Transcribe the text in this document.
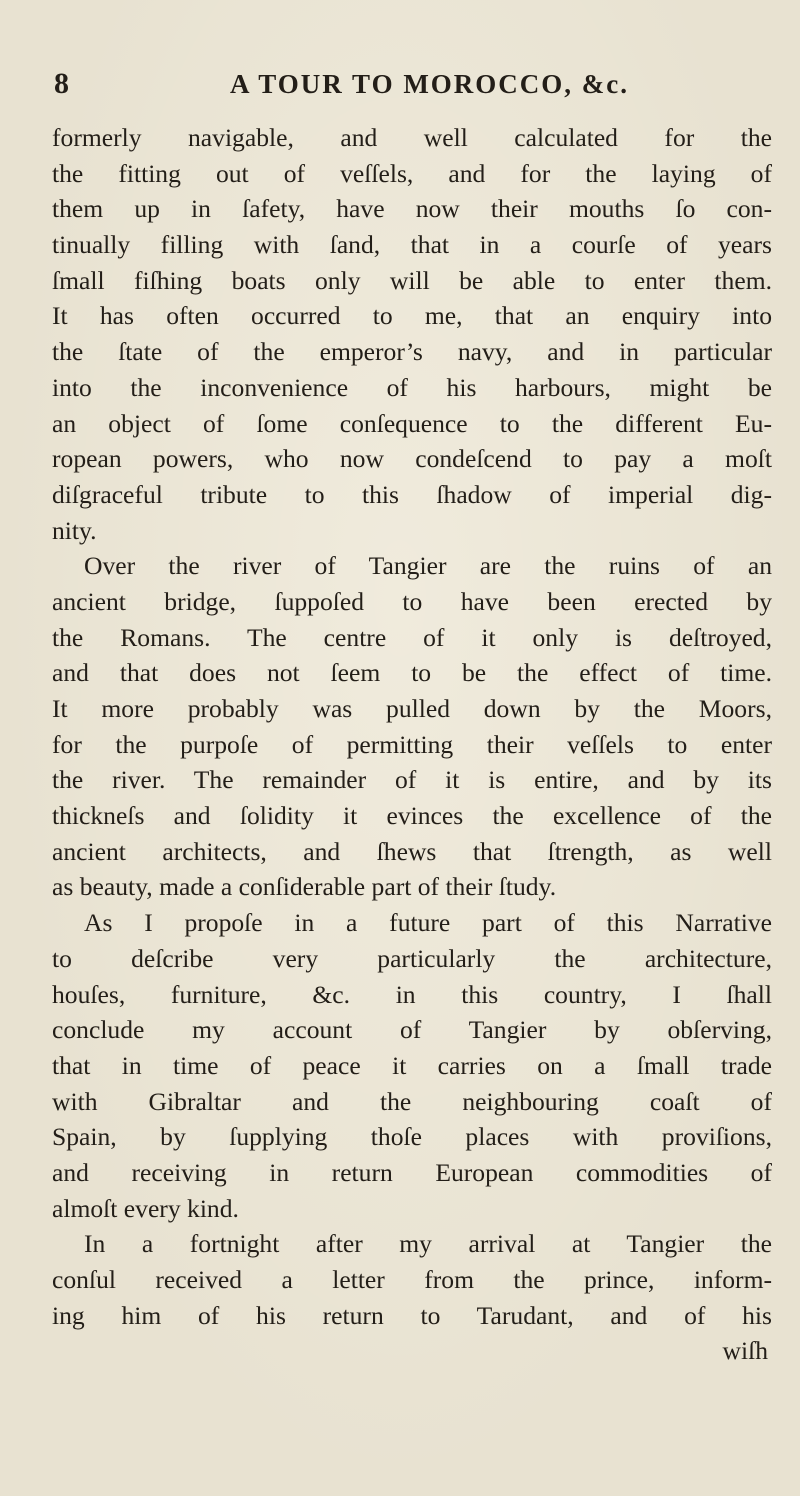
8	A TOUR TO MOROCCO, &c.
formerly navigable, and well calculated for the
the fitting out of veſſels, and for the laying of
them up in ſafety, have now their mouths ſo con-
tinually filling with ſand, that in a courſe of years
ſmall fiſhing boats only will be able to enter them.
It has often occurred to me, that an enquiry into
the ſtate of the emperor’s navy, and in particular
into the inconvenience of his harbours, might be
an object of ſome conſequence to the different Eu-
ropean powers, who now condeſcend to pay a moſt
diſgraceful tribute to this ſhadow of imperial dig-
nity.
Over the river of Tangier are the ruins of an
ancient bridge, ſuppoſed to have been erected by
the Romans. The centre of it only is deſtroyed,
and that does not ſeem to be the effect of time.
It more probably was pulled down by the Moors,
for the purpoſe of permitting their veſſels to enter
the river. The remainder of it is entire, and by its
thickneſs and ſolidity it evinces the excellence of the
ancient architects, and ſhews that ſtrength, as well
as beauty, made a conſiderable part of their ſtudy.
As I propoſe in a future part of this Narrative
to deſcribe very particularly the architecture,
houſes, furniture, &c. in this country, I ſhall
conclude my account of Tangier by obſerving,
that in time of peace it carries on a ſmall trade
with Gibraltar and the neighbouring coaſt of
Spain, by ſupplying thoſe places with proviſions,
and receiving in return European commodities of
almoſt every kind.
In a fortnight after my arrival at Tangier the
conſul received a letter from the prince, inform-
ing him of his return to Tarudant, and of his
wiſh
